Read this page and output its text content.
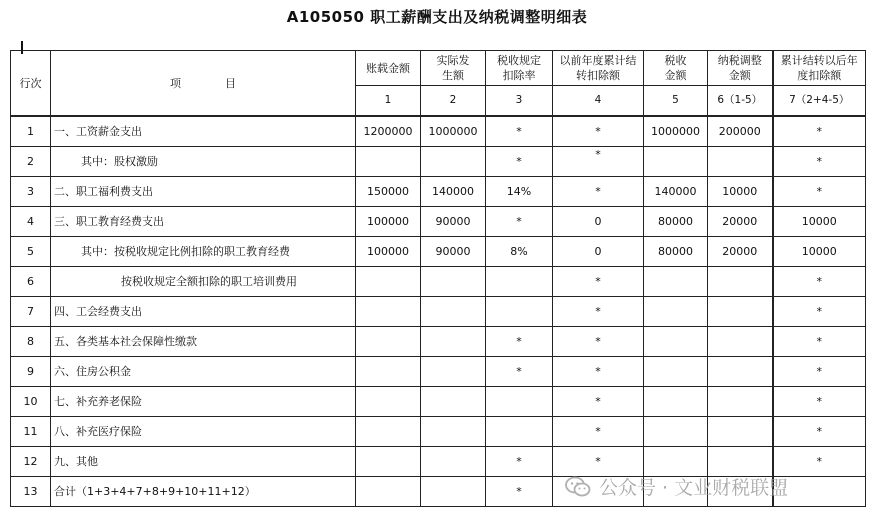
A105050 职工薪酬支出及纳税调整明细表
行次	项　　　　目	账载金额	实际发生额	税收规定扣除率	以前年度累计结转扣除额	税收金额	纳税调整金额	累计结转以后年度扣除额

		1	2	3	4	5	6（1-5）	7（2+4-5）
1	一、工资薪金支出	1200000	1000000	*	*	1000000	200000	*
2	其中：股权激励			*	*			*
3	二、职工福利费支出	150000	140000	14%	*	140000	10000	*
4	三、职工教育经费支出	100000	90000	*	0	80000	20000	10000
5	其中：按税收规定比例扣除的职工教育经费	100000	90000	8%	0	80000	20000	10000
6	按税收规定全额扣除的职工培训费用				*			*
7	四、工会经费支出				*			*
8	五、各类基本社会保障性缴款			*	*			*
9	六、住房公积金			*	*			*
10	七、补充养老保险				*			*
11	八、补充医疗保险				*			*
12	九、其他			*	*			*
13	合计（1+3+4+7+8+9+10+11+12）			*					公众号 · 文业财税联盟
